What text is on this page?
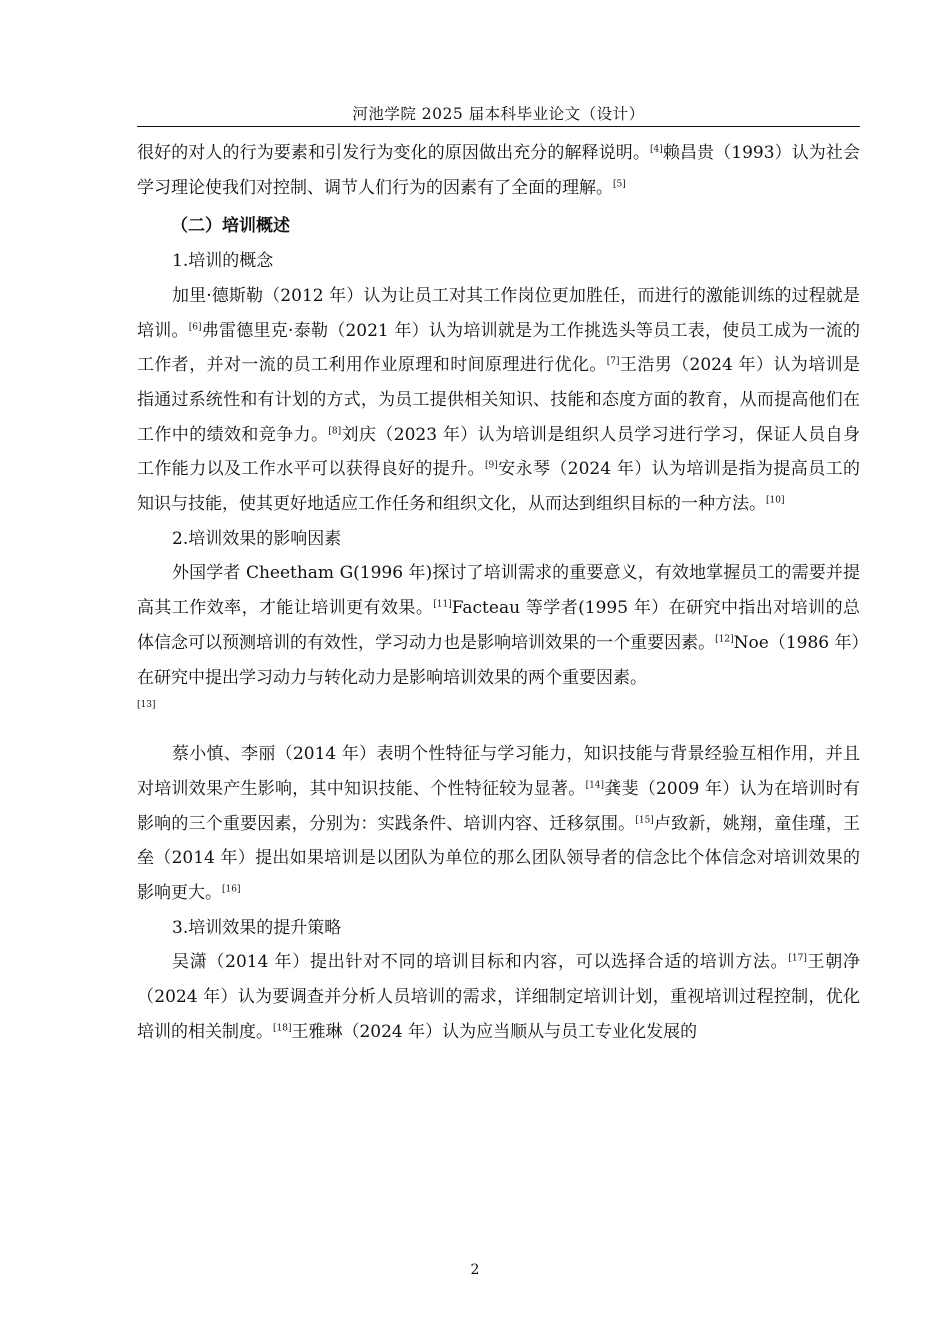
河池学院 2025 届本科毕业论文（设计）

很好的对人的行为要素和引发行为变化的原因做出充分的解释说明。[4]赖昌贵（1993）认为社会学习理论使我们对控制、调节人们行为的因素有了全面的理解。[5]

（二）培训概述

1.培训的概念

加里·德斯勒（2012 年）认为让员工对其工作岗位更加胜任，而进行的激能训练的过程就是培训。[6]弗雷德里克·泰勒（2021 年）认为培训就是为工作挑选头等员工表，使员工成为一流的工作者，并对一流的员工利用作业原理和时间原理进行优化。[7]王浩男（2024 年）认为培训是指通过系统性和有计划的方式，为员工提供相关知识、技能和态度方面的教育，从而提高他们在工作中的绩效和竞争力。[8]刘庆（2023 年）认为培训是组织人员学习进行学习，保证人员自身工作能力以及工作水平可以获得良好的提升。[9]安永琴（2024 年）认为培训是指为提高员工的知识与技能，使其更好地适应工作任务和组织文化，从而达到组织目标的一种方法。[10]

2.培训效果的影响因素

外国学者 Cheetham G(1996 年)探讨了培训需求的重要意义，有效地掌握员工的需要并提高其工作效率，才能让培训更有效果。[11]Facteau 等学者(1995 年）在研究中指出对培训的总体信念可以预测培训的有效性，学习动力也是影响培训效果的一个重要因素。[12]Noe（1986 年）在研究中提出学习动力与转化动力是影响培训效果的两个重要因素。

[13]

蔡小慎、李丽（2014 年）表明个性特征与学习能力，知识技能与背景经验互相作用，并且对培训效果产生影响，其中知识技能、个性特征较为显著。[14]龚斐（2009 年）认为在培训时有影响的三个重要因素，分别为：实践条件、培训内容、迁移氛围。[15]卢致新，姚翔，童佳瑾，王垒（2014 年）提出如果培训是以团队为单位的那么团队领导者的信念比个体信念对培训效果的影响更大。[16]

3.培训效果的提升策略

吴潇（2014 年）提出针对不同的培训目标和内容，可以选择合适的培训方法。[17]王朝净（2024 年）认为要调查并分析人员培训的需求，详细制定培训计划，重视培训过程控制，优化培训的相关制度。[18]王雅琳（2024 年）认为应当顺从与员工专业化发展的

2
